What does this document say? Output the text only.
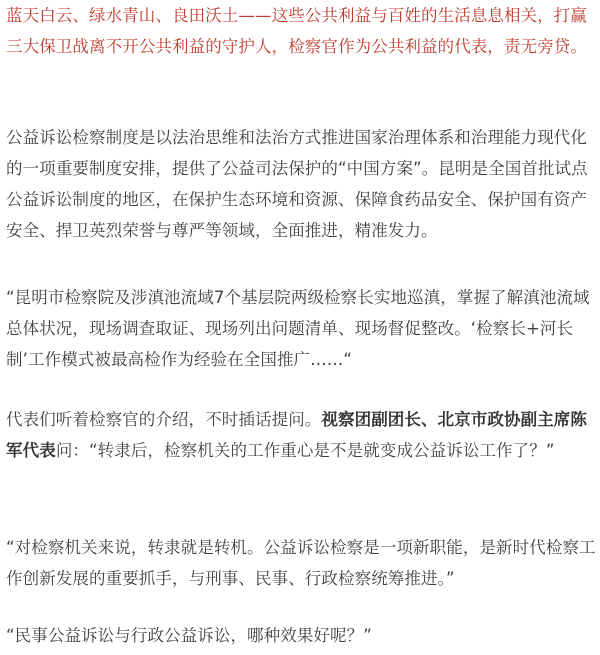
蓝天白云、绿水青山、良田沃土——这些公共利益与百姓的生活息息相关，打赢三大保卫战离不开公共利益的守护人，检察官作为公共利益的代表，责无旁贷。

公益诉讼检察制度是以法治思维和法治方式推进国家治理体系和治理能力现代化的一项重要制度安排，提供了公益司法保护的“中国方案”。昆明是全国首批试点公益诉讼制度的地区，在保护生态环境和资源、保障食药品安全、保护国有资产安全、捍卫英烈荣誉与尊严等领域，全面推进，精准发力。

“昆明市检察院及涉滇池流域7个基层院两级检察长实地巡滇，掌握了解滇池流域总体状况，现场调查取证、现场列出问题清单、现场督促整改。‘检察长+河长制’工作模式被最高检作为经验在全国推广……“

代表们听着检察官的介绍，不时插话提问。视察团副团长、北京市政协副主席陈军代表问：“转隶后，检察机关的工作重心是不是就变成公益诉讼工作了？”

“对检察机关来说，转隶就是转机。公益诉讼检察是一项新职能，是新时代检察工作创新发展的重要抓手，与刑事、民事、行政检察统筹推进。”

“民事公益诉讼与行政公益诉讼，哪种效果好呢？”
